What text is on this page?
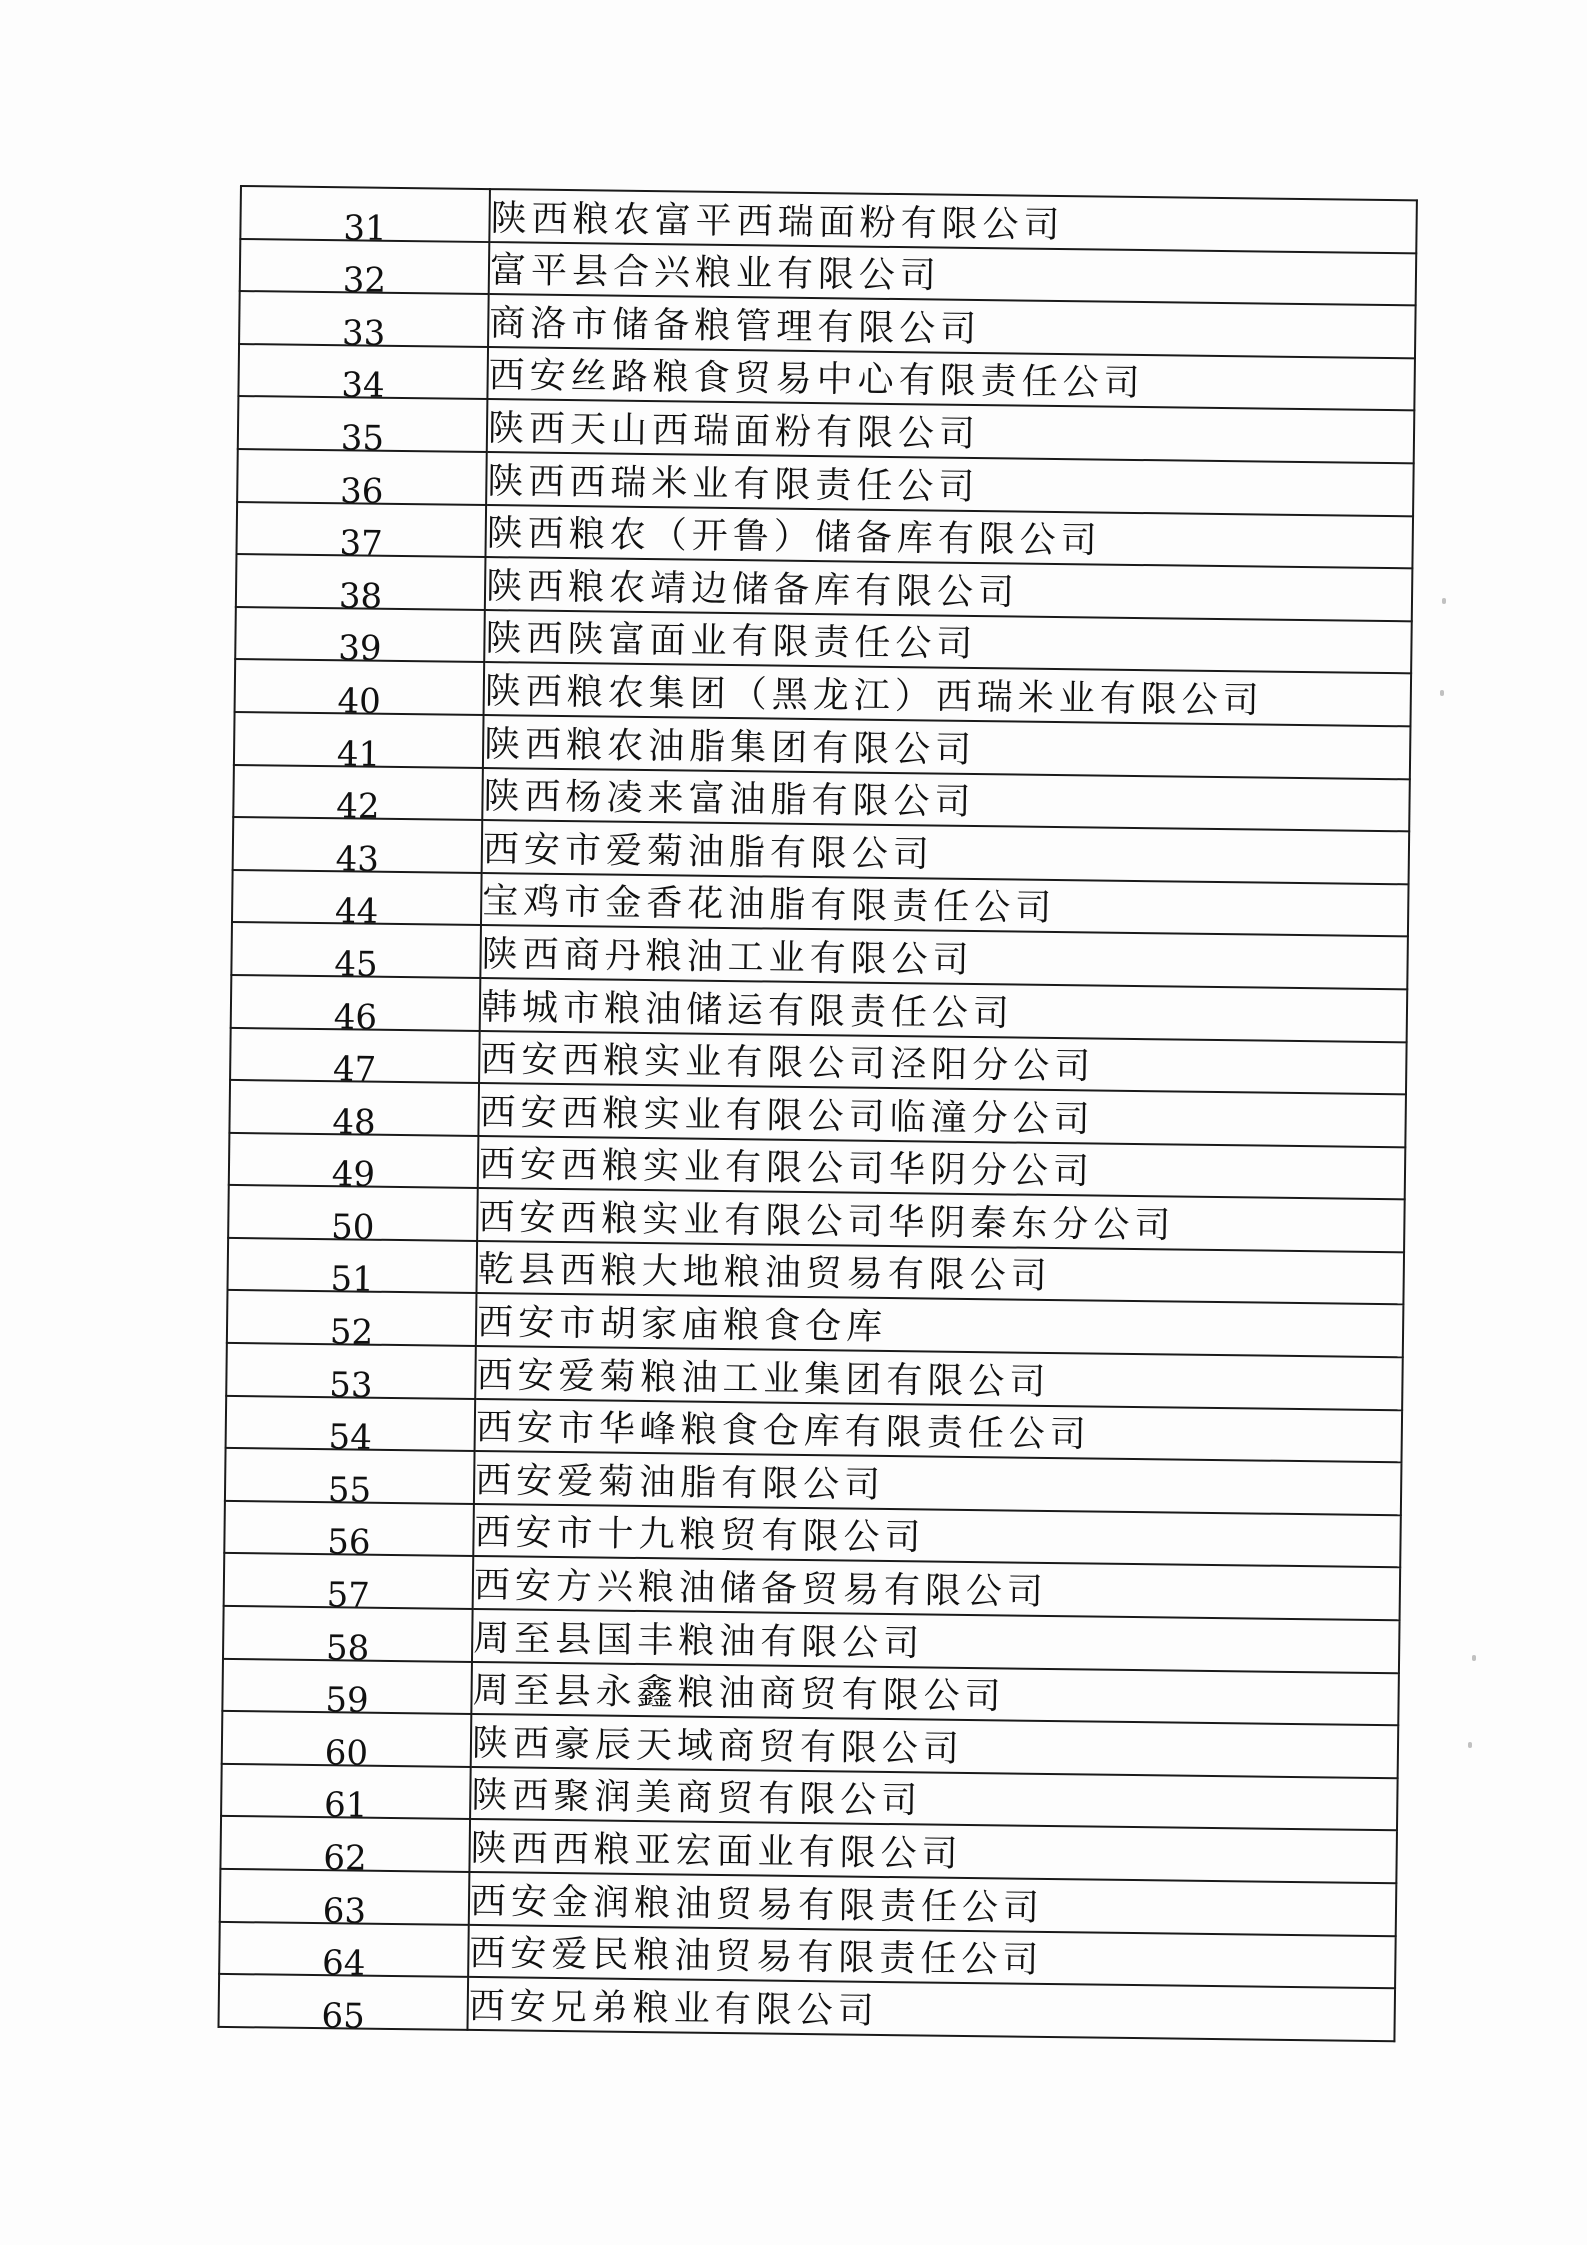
31	陕西粮农富平西瑞面粉有限公司
32	富平县合兴粮业有限公司
33	商洛市储备粮管理有限公司
34	西安丝路粮食贸易中心有限责任公司
35	陕西天山西瑞面粉有限公司
36	陕西西瑞米业有限责任公司
37	陕西粮农（开鲁）储备库有限公司
38	陕西粮农靖边储备库有限公司
39	陕西陕富面业有限责任公司
40	陕西粮农集团（黑龙江）西瑞米业有限公司
41	陕西粮农油脂集团有限公司
42	陕西杨凌来富油脂有限公司
43	西安市爱菊油脂有限公司
44	宝鸡市金香花油脂有限责任公司
45	陕西商丹粮油工业有限公司
46	韩城市粮油储运有限责任公司
47	西安西粮实业有限公司泾阳分公司
48	西安西粮实业有限公司临潼分公司
49	西安西粮实业有限公司华阴分公司
50	西安西粮实业有限公司华阴秦东分公司
51	乾县西粮大地粮油贸易有限公司
52	西安市胡家庙粮食仓库
53	西安爱菊粮油工业集团有限公司
54	西安市华峰粮食仓库有限责任公司
55	西安爱菊油脂有限公司
56	西安市十九粮贸有限公司
57	西安方兴粮油储备贸易有限公司
58	周至县国丰粮油有限公司
59	周至县永鑫粮油商贸有限公司
60	陕西豪辰天域商贸有限公司
61	陕西聚润美商贸有限公司
62	陕西西粮亚宏面业有限公司
63	西安金润粮油贸易有限责任公司
64	西安爱民粮油贸易有限责任公司
65	西安兄弟粮业有限公司
